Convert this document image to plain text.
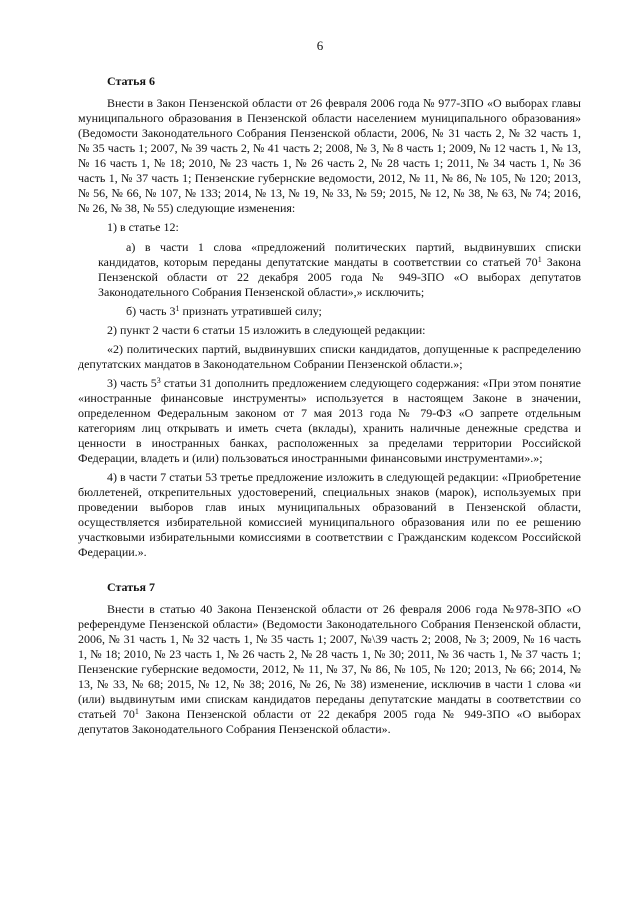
6
Статья 6
Внести в Закон Пензенской области от 26 февраля 2006 года № 977-ЗПО «О выборах главы муниципального образования в Пензенской области населением муниципального образования» (Ведомости Законодательного Собрания Пензенской области, 2006, № 31 часть 2, № 32 часть 1, № 35 часть 1; 2007, № 39 часть 2, № 41 часть 2; 2008, № 3, № 8 часть 1; 2009, № 12 часть 1, № 13, № 16 часть 1, № 18; 2010, № 23 часть 1, № 26 часть 2, № 28 часть 1; 2011, № 34 часть 1, № 36 часть 1, № 37 часть 1; Пензенские губернские ведомости, 2012, № 11, № 86, № 105, № 120; 2013, № 56, № 66, № 107, № 133; 2014, № 13, № 19, № 33, № 59; 2015, № 12, № 38, № 63, № 74; 2016, № 26, № 38, № 55) следующие изменения:
1) в статье 12:
а) в части 1 слова «предложений политических партий, выдвинувших списки кандидатов, которым переданы депутатские мандаты в соответствии со статьей $70^1$ Закона Пензенской области от 22 декабря 2005 года № 949-ЗПО «О выборах депутатов Законодательного Собрания Пензенской области»,» исключить;
б) часть $3^1$ признать утратившей силу;
2) пункт 2 части 6 статьи 15 изложить в следующей редакции:
«2) политических партий, выдвинувших списки кандидатов, допущенные к распределению депутатских мандатов в Законодательном Собрании Пензенской области.»;
3) часть $5^3$ статьи 31 дополнить предложением следующего содержания: «При этом понятие «иностранные финансовые инструменты» используется в настоящем Законе в значении, определенном Федеральным законом от 7 мая 2013 года № 79-ФЗ «О запрете отдельным категориям лиц открывать и иметь счета (вклады), хранить наличные денежные средства и ценности в иностранных банках, расположенных за пределами территории Российской Федерации, владеть и (или) пользоваться иностранными финансовыми инструментами».»;
4) в части 7 статьи 53 третье предложение изложить в следующей редакции: «Приобретение бюллетеней, открепительных удостоверений, специальных знаков (марок), используемых при проведении выборов глав иных муниципальных образований в Пензенской области, осуществляется избирательной комиссией муниципального образования или по ее решению участковыми избирательными комиссиями в соответствии с Гражданским кодексом Российской Федерации.».
Статья 7
Внести в статью 40 Закона Пензенской области от 26 февраля 2006 года №978-ЗПО «О референдуме Пензенской области» (Ведомости Законодательного Собрания Пензенской области, 2006, № 31 часть 1, № 32 часть 1, № 35 часть 1; 2007, №\39 часть 2; 2008, № 3; 2009, № 16 часть 1, № 18; 2010, № 23 часть 1, № 26 часть 2, № 28 часть 1, № 30; 2011, № 36 часть 1, № 37 часть 1; Пензенские губернские ведомости, 2012, № 11, № 37, № 86, № 105, № 120; 2013, № 66; 2014, № 13, № 33, № 68; 2015, № 12, № 38; 2016, № 26, № 38) изменение, исключив в части 1 слова «и (или) выдвинутым ими спискам кандидатов переданы депутатские мандаты в соответствии со статьей $70^1$ Закона Пензенской области от 22 декабря 2005 года № 949-ЗПО «О выборах депутатов Законодательного Собрания Пензенской области».
